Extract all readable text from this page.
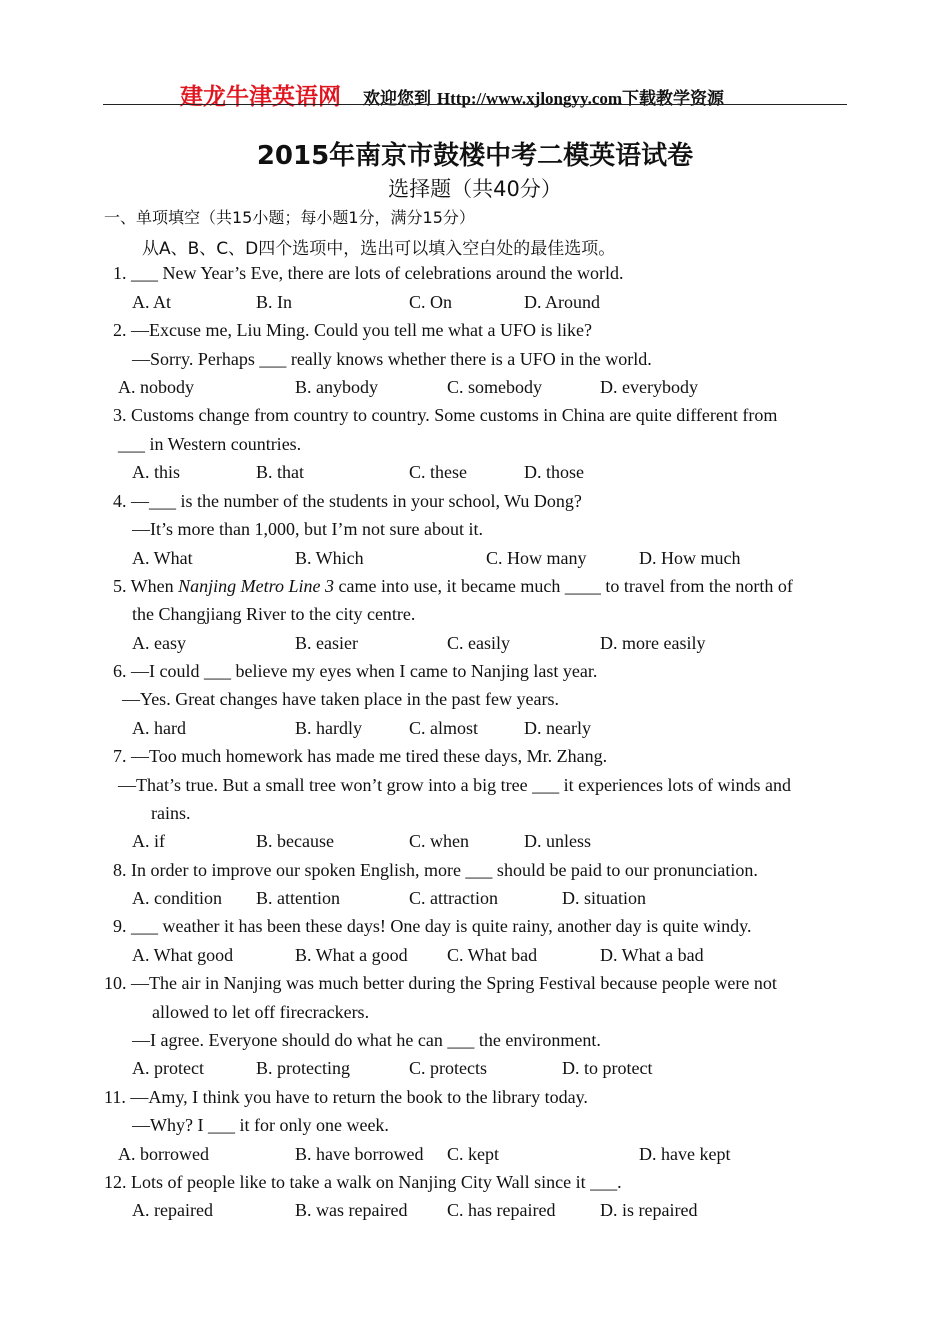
建龙牛津英语网 欢迎您到 Http://www.xjlongyy.com下载教学资源
2015年南京市鼓楼中考二模英语试卷
选择题（共40分）
一、单项填空（共15小题；每小题1分，满分15分）
从A、B、C、D四个选项中，选出可以填入空白处的最佳选项。
1. ___ New Year’s Eve, there are lots of celebrations around the world.
A. At	B. In	C. On	D. Around
2. —Excuse me, Liu Ming. Could you tell me what a UFO is like?
—Sorry. Perhaps ___ really knows whether there is a UFO in the world.
A. nobody	B. anybody	C. somebody	D. everybody
3. Customs change from country to country. Some customs in China are quite different from
___ in Western countries.
A. this	B. that	C. these	D. those
4. —___ is the number of the students in your school, Wu Dong?
—It’s more than 1,000, but I’m not sure about it.
A. What	B. Which	C. How many	D. How much
5. When Nanjing Metro Line 3 came into use, it became much ____ to travel from the north of
the Changjiang River to the city centre.
A. easy	B. easier	C. easily	D. more easily
6. —I could ___ believe my eyes when I came to Nanjing last year.
—Yes. Great changes have taken place in the past few years.
A. hard	B. hardly	C. almost	D. nearly
7. —Too much homework has made me tired these days, Mr. Zhang.
—That’s true. But a small tree won’t grow into a big tree ___ it experiences lots of winds and
rains.
A. if	B. because	C. when	D. unless
8. In order to improve our spoken English, more ___ should be paid to our pronunciation.
A. condition B. attention	C. attraction	D. situation
9. ___ weather it has been these days! One day is quite rainy, another day is quite windy.
A. What good	B. What a good C. What bad	D. What a bad
10. —The air in Nanjing was much better during the Spring Festival because people were not
allowed to let off firecrackers.
—I agree. Everyone should do what he can ___ the environment.
A. protect	B. protecting	C. protects	D. to protect
11. —Amy, I think you have to return the book to the library today.
—Why? I ___ it for only one week.
A. borrowed	B. have borrowed C. kept	D. have kept
12. Lots of people like to take a walk on Nanjing City Wall since it ___.
A. repaired	B. was repaired C. has repaired D. is repaired
